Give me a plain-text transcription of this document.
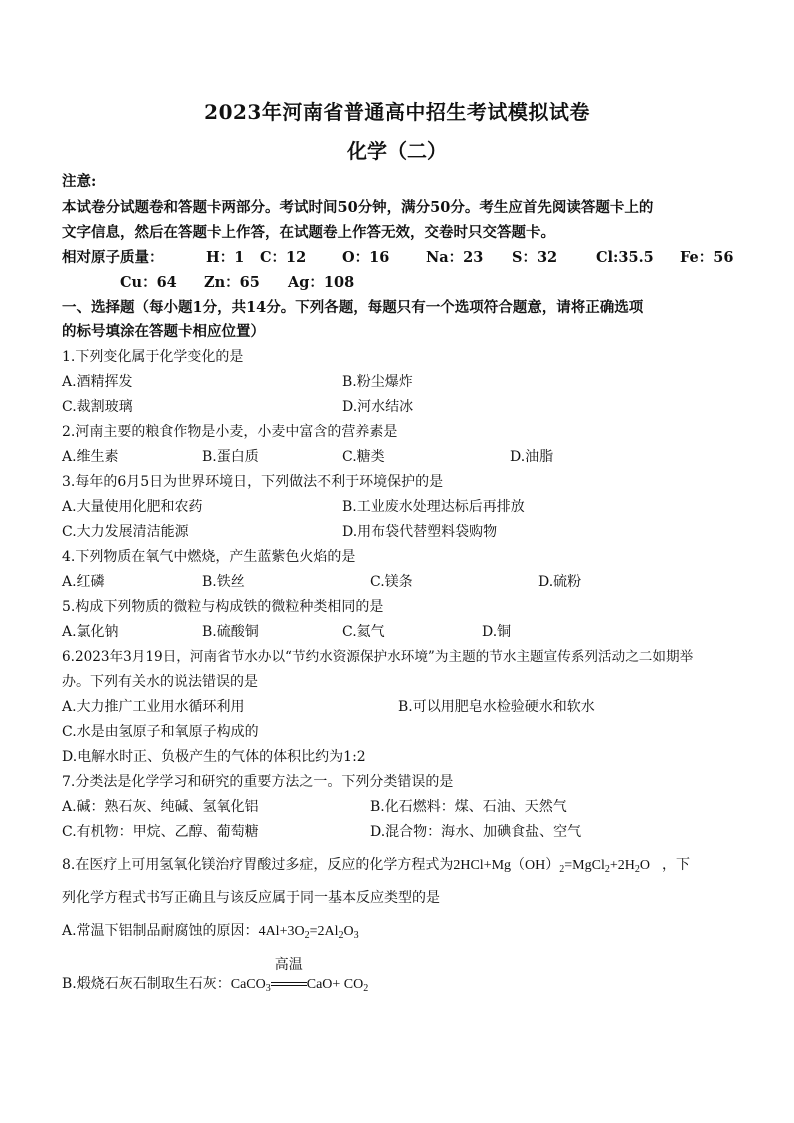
2023年河南省普通高中招生考试模拟试卷
化学（二）
注意:
本试卷分试题卷和答题卡两部分。考试时间50分钟，满分50分。考生应首先阅读答题卡上的
文字信息，然后在答题卡上作答，在试题卷上作答无效，交卷时只交答题卡。
相对原子质量：	H：1 C：12 O：16	Na：23 S：32	Cl:35.5 Fe：56
Cu：64 Zn：65 Ag：108
一、选择题（每小题1分，共14分。下列各题，每题只有一个选项符合题意，请将正确选项
的标号填涂在答题卡相应位置）
1.下列变化属于化学变化的是
A.酒精挥发	B.粉尘爆炸
C.裁割玻璃	D.河水结冰
2.河南主要的粮食作物是小麦，小麦中富含的营养素是
A.维生素	B.蛋白质	C.糖类	D.油脂
3.每年的6月5日为世界环境日，下列做法不利于环境保护的是
A.大量使用化肥和农药	B.工业废水处理达标后再排放
C.大力发展清洁能源	D.用布袋代替塑料袋购物
4.下列物质在氧气中燃烧，产生蓝紫色火焰的是
A.红磷	B.铁丝	C.镁条	D.硫粉
5.构成下列物质的微粒与构成铁的微粒种类相同的是
A.氯化钠	B.硫酸铜	C.氦气	D.铜
6.2023年3月19日，河南省节水办以“节约水资源保护水环境”为主题的节水主题宣传系列活动之二如期举
办。下列有关水的说法错误的是
A.大力推广工业用水循环利用	B.可以用肥皂水检验硬水和软水
C.水是由氢原子和氧原子构成的
D.电解水时正、负极产生的气体的体积比约为1:2
7.分类法是化学学习和研究的重要方法之一。下列分类错误的是
A.碱：熟石灰、纯碱、氢氧化铝	B.化石燃料：煤、石油、天然气
C.有机物：甲烷、乙醇、葡萄糖	D.混合物：海水、加碘食盐、空气
8.在医疗上可用氢氧化镁治疗胃酸过多症，反应的化学方程式为$2HCl+Mg(OH)_2=MgCl_2+2H_2O$ ，下
列化学方程式书写正确且与该反应属于同一基本反应类型的是
A.常温下铝制品耐腐蚀的原因：$4Al+3O_2=2Al_2O_3$
B.煅烧石灰石制取生石灰：CaCO$_3$
高温
$CaO+ CO_2$
